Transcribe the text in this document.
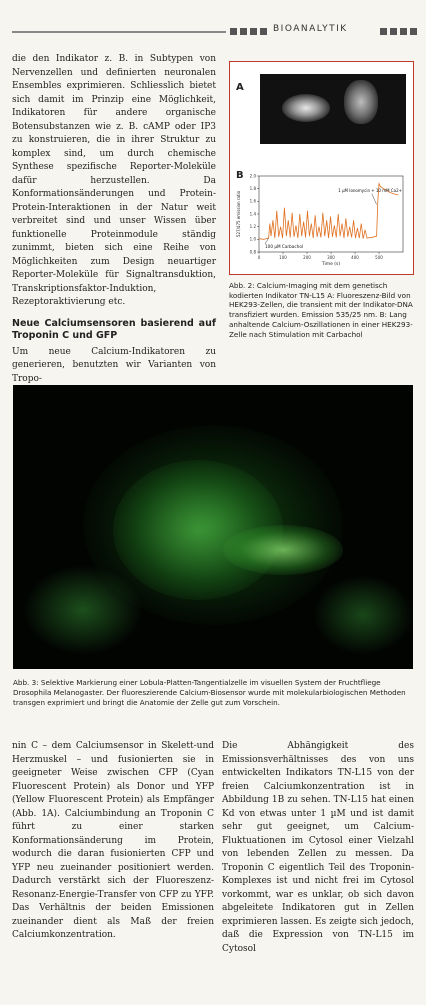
BIOANALYTIK

die den Indikator z. B. in Subtypen von Nervenzellen und definierten neuronalen Ensembles exprimieren. Schliesslich bietet sich damit im Prinzip eine Möglichkeit, Indikatoren für andere organische Botensubstanzen wie z. B. cAMP oder IP3 zu konstruieren, die in ihrer Struktur zu komplex sind, um durch chemische Synthese spezifische Reporter-Moleküle dafür herzustellen. Da Konformationsänderungen und Protein-Protein-Interaktionen in der Natur weit verbreitet sind und unser Wissen über funktionelle Proteinmodule ständig zunimmt, bieten sich eine Reihe von Möglichkeiten zum Design neuartiger Reporter-Moleküle für Signaltransduktion, Transkriptionsfaktor-Induktion, Rezeptoraktivierung etc.

Neue Calciumsensoren basierend auf Troponin C und GFP

Um neue Calcium-Indikatoren zu generieren, benutzten wir Varianten von Tropo-

A
B
0	100	200	300	400	500
0.8
1.0
1.2
1.4
1.6
1.8
2.0
Time (s)
527/475 emission ratio
100 µM Carbachol
1 µM Ionomycin + 10 mM Ca2+
Abb. 2: Calcium-Imaging mit dem genetisch kodierten Indikator TN-L15 A: Fluoreszenz-Bild von HEK293-Zellen, die transient mit der Indikator-DNA transfiziert wurden. Emission 535/25 nm. B: Lang anhaltende Calcium-Oszillationen in einer HEK293-Zelle nach Stimulation mit Carbachol
Abb. 3: Selektive Markierung einer Lobula-Platten-Tangentialzelle im visuellen System der Fruchtfliege Drosophila Melanogaster. Der fluoreszierende Calcium-Biosensor wurde mit molekularbiologischen Methoden transgen exprimiert und bringt die Anatomie der Zelle gut zum Vorschein.

nin C – dem Calciumsensor in Skelett-und Herzmuskel – und fusionierten sie in geeigneter Weise zwischen CFP (Cyan Fluorescent Protein) als Donor und YFP (Yellow Fluorescent Protein) als Empfänger (Abb. 1A). Calciumbindung an Troponin C führt zu einer starken Konformationsänderung im Protein, wodurch die daran fusionierten CFP und YFP neu zueinander positioniert werden. Dadurch verstärkt sich der Fluoreszenz-Resonanz-Energie-Transfer von CFP zu YFP. Das Verhältnis der beiden Emissionen zueinander dient als Maß der freien Calciumkonzentration.

Die Abhängigkeit des Emissionsverhältnisses des von uns entwickelten Indikators TN-L15 von der freien Calciumkonzentration ist in Abbildung 1B zu sehen. TN-L15 hat einen Kd von etwas unter 1 µM und ist damit sehr gut geeignet, um Calcium-Fluktuationen im Cytosol einer Vielzahl von lebenden Zellen zu messen. Da Troponin C eigentlich Teil des Troponin-Komplexes ist und nicht frei im Cytosol vorkommt, war es unklar, ob sich davon abgeleitete Indikatoren gut in Zellen exprimieren lassen. Es zeigte sich jedoch, daß die Expression von TN-L15 im Cytosol
